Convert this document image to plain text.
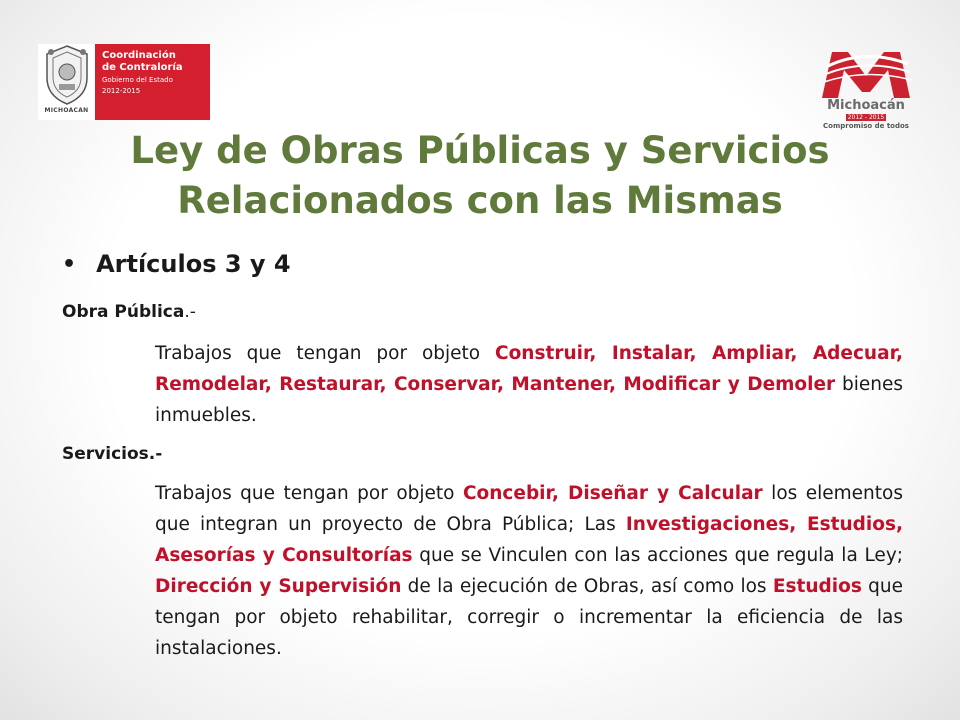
MICHOACAN
Coordinación
de Contraloría
Gobierno del Estado
2012-2015
Michoacán
2012 - 2015
Compromiso de todos
Ley de Obras Públicas y Servicios
Relacionados con las Mismas
• Artículos 3 y 4
Obra Pública.-
Trabajos que tengan por objeto Construir, Instalar, Ampliar, Adecuar, Remodelar, Restaurar, Conservar, Mantener, Modificar y Demoler bienes inmuebles.
Servicios.-
Trabajos que tengan por objeto Concebir, Diseñar y Calcular los elementos que integran un proyecto de Obra Pública; Las Investigaciones, Estudios, Asesorías y Consultorías que se Vinculen con las acciones que regula la Ley; Dirección y Supervisión de la ejecución de Obras, así como los Estudios que tengan por objeto rehabilitar, corregir o incrementar la eficiencia de las instalaciones.
